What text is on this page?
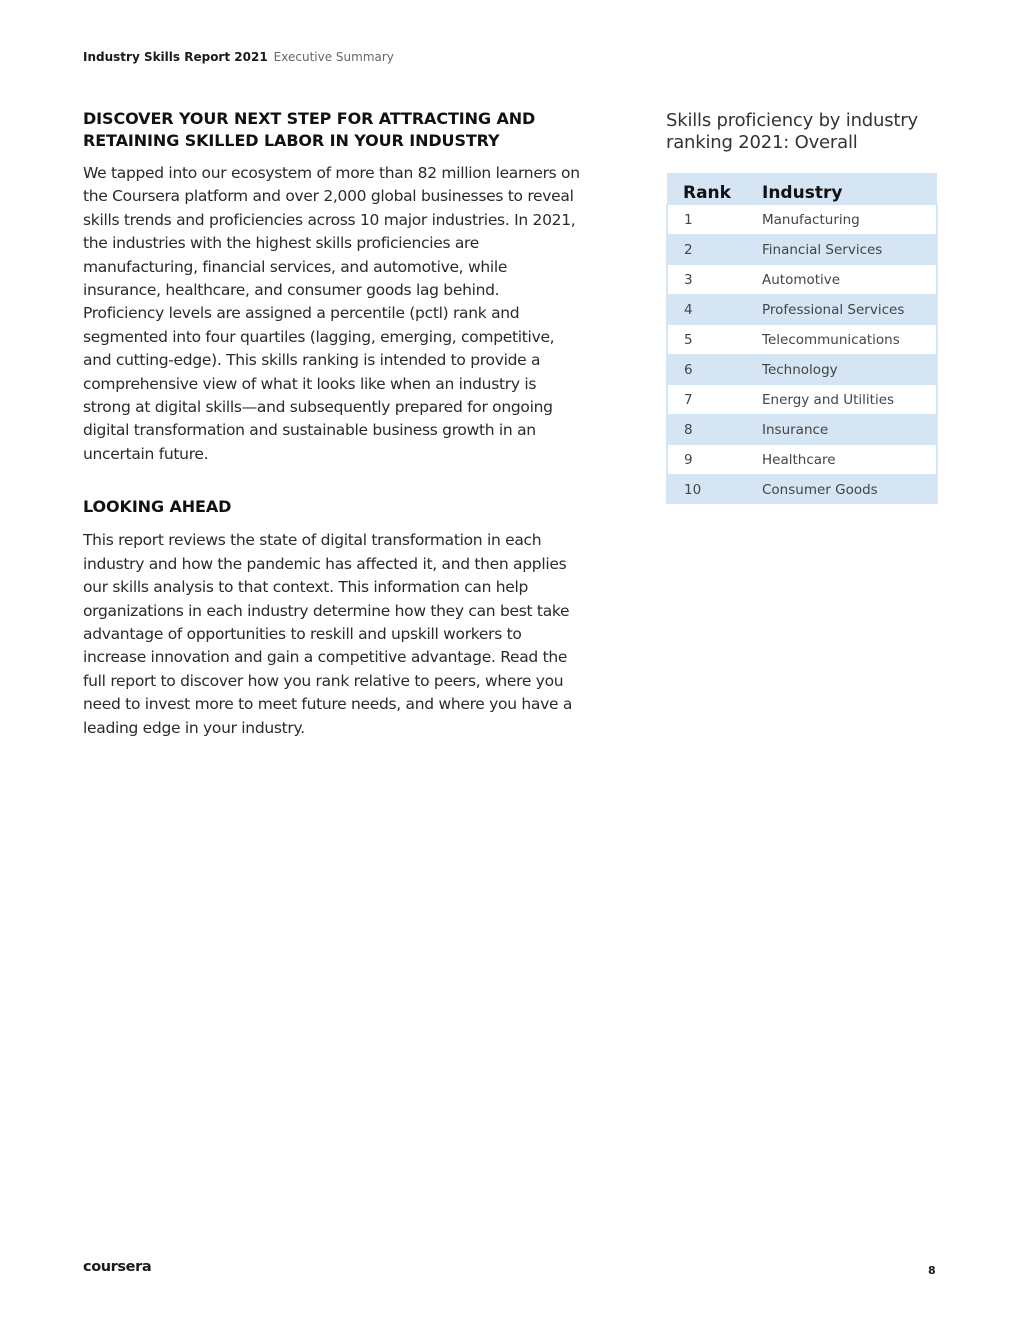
Industry Skills Report 2021 Executive Summary
DISCOVER YOUR NEXT STEP FOR ATTRACTING AND RETAINING SKILLED LABOR IN YOUR INDUSTRY

We tapped into our ecosystem of more than 82 million learners on the Coursera platform and over 2,000 global businesses to reveal skills trends and proficiencies across 10 major industries. In 2021, the industries with the highest skills proficiencies are manufacturing, financial services, and automotive, while insurance, healthcare, and consumer goods lag behind. Proficiency levels are assigned a percentile (pctl) rank and segmented into four quartiles (lagging, emerging, competitive, and cutting-edge). This skills ranking is intended to provide a comprehensive view of what it looks like when an industry is strong at digital skills—and subsequently prepared for ongoing digital transformation and sustainable business growth in an uncertain future.

LOOKING AHEAD

This report reviews the state of digital transformation in each industry and how the pandemic has affected it, and then applies our skills analysis to that context. This information can help organizations in each industry determine how they can best take advantage of opportunities to reskill and upskill workers to increase innovation and gain a competitive advantage. Read the full report to discover how you rank relative to peers, where you need to invest more to meet future needs, and where you have a leading edge in your industry.

Skills proficiency by industry ranking 2021: Overall
Rank	Industry
1	Manufacturing
2	Financial Services
3	Automotive
4	Professional Services
5	Telecommunications
6	Technology
7	Energy and Utilities
8	Insurance
9	Healthcare
10	Consumer Goods
coursera	8
